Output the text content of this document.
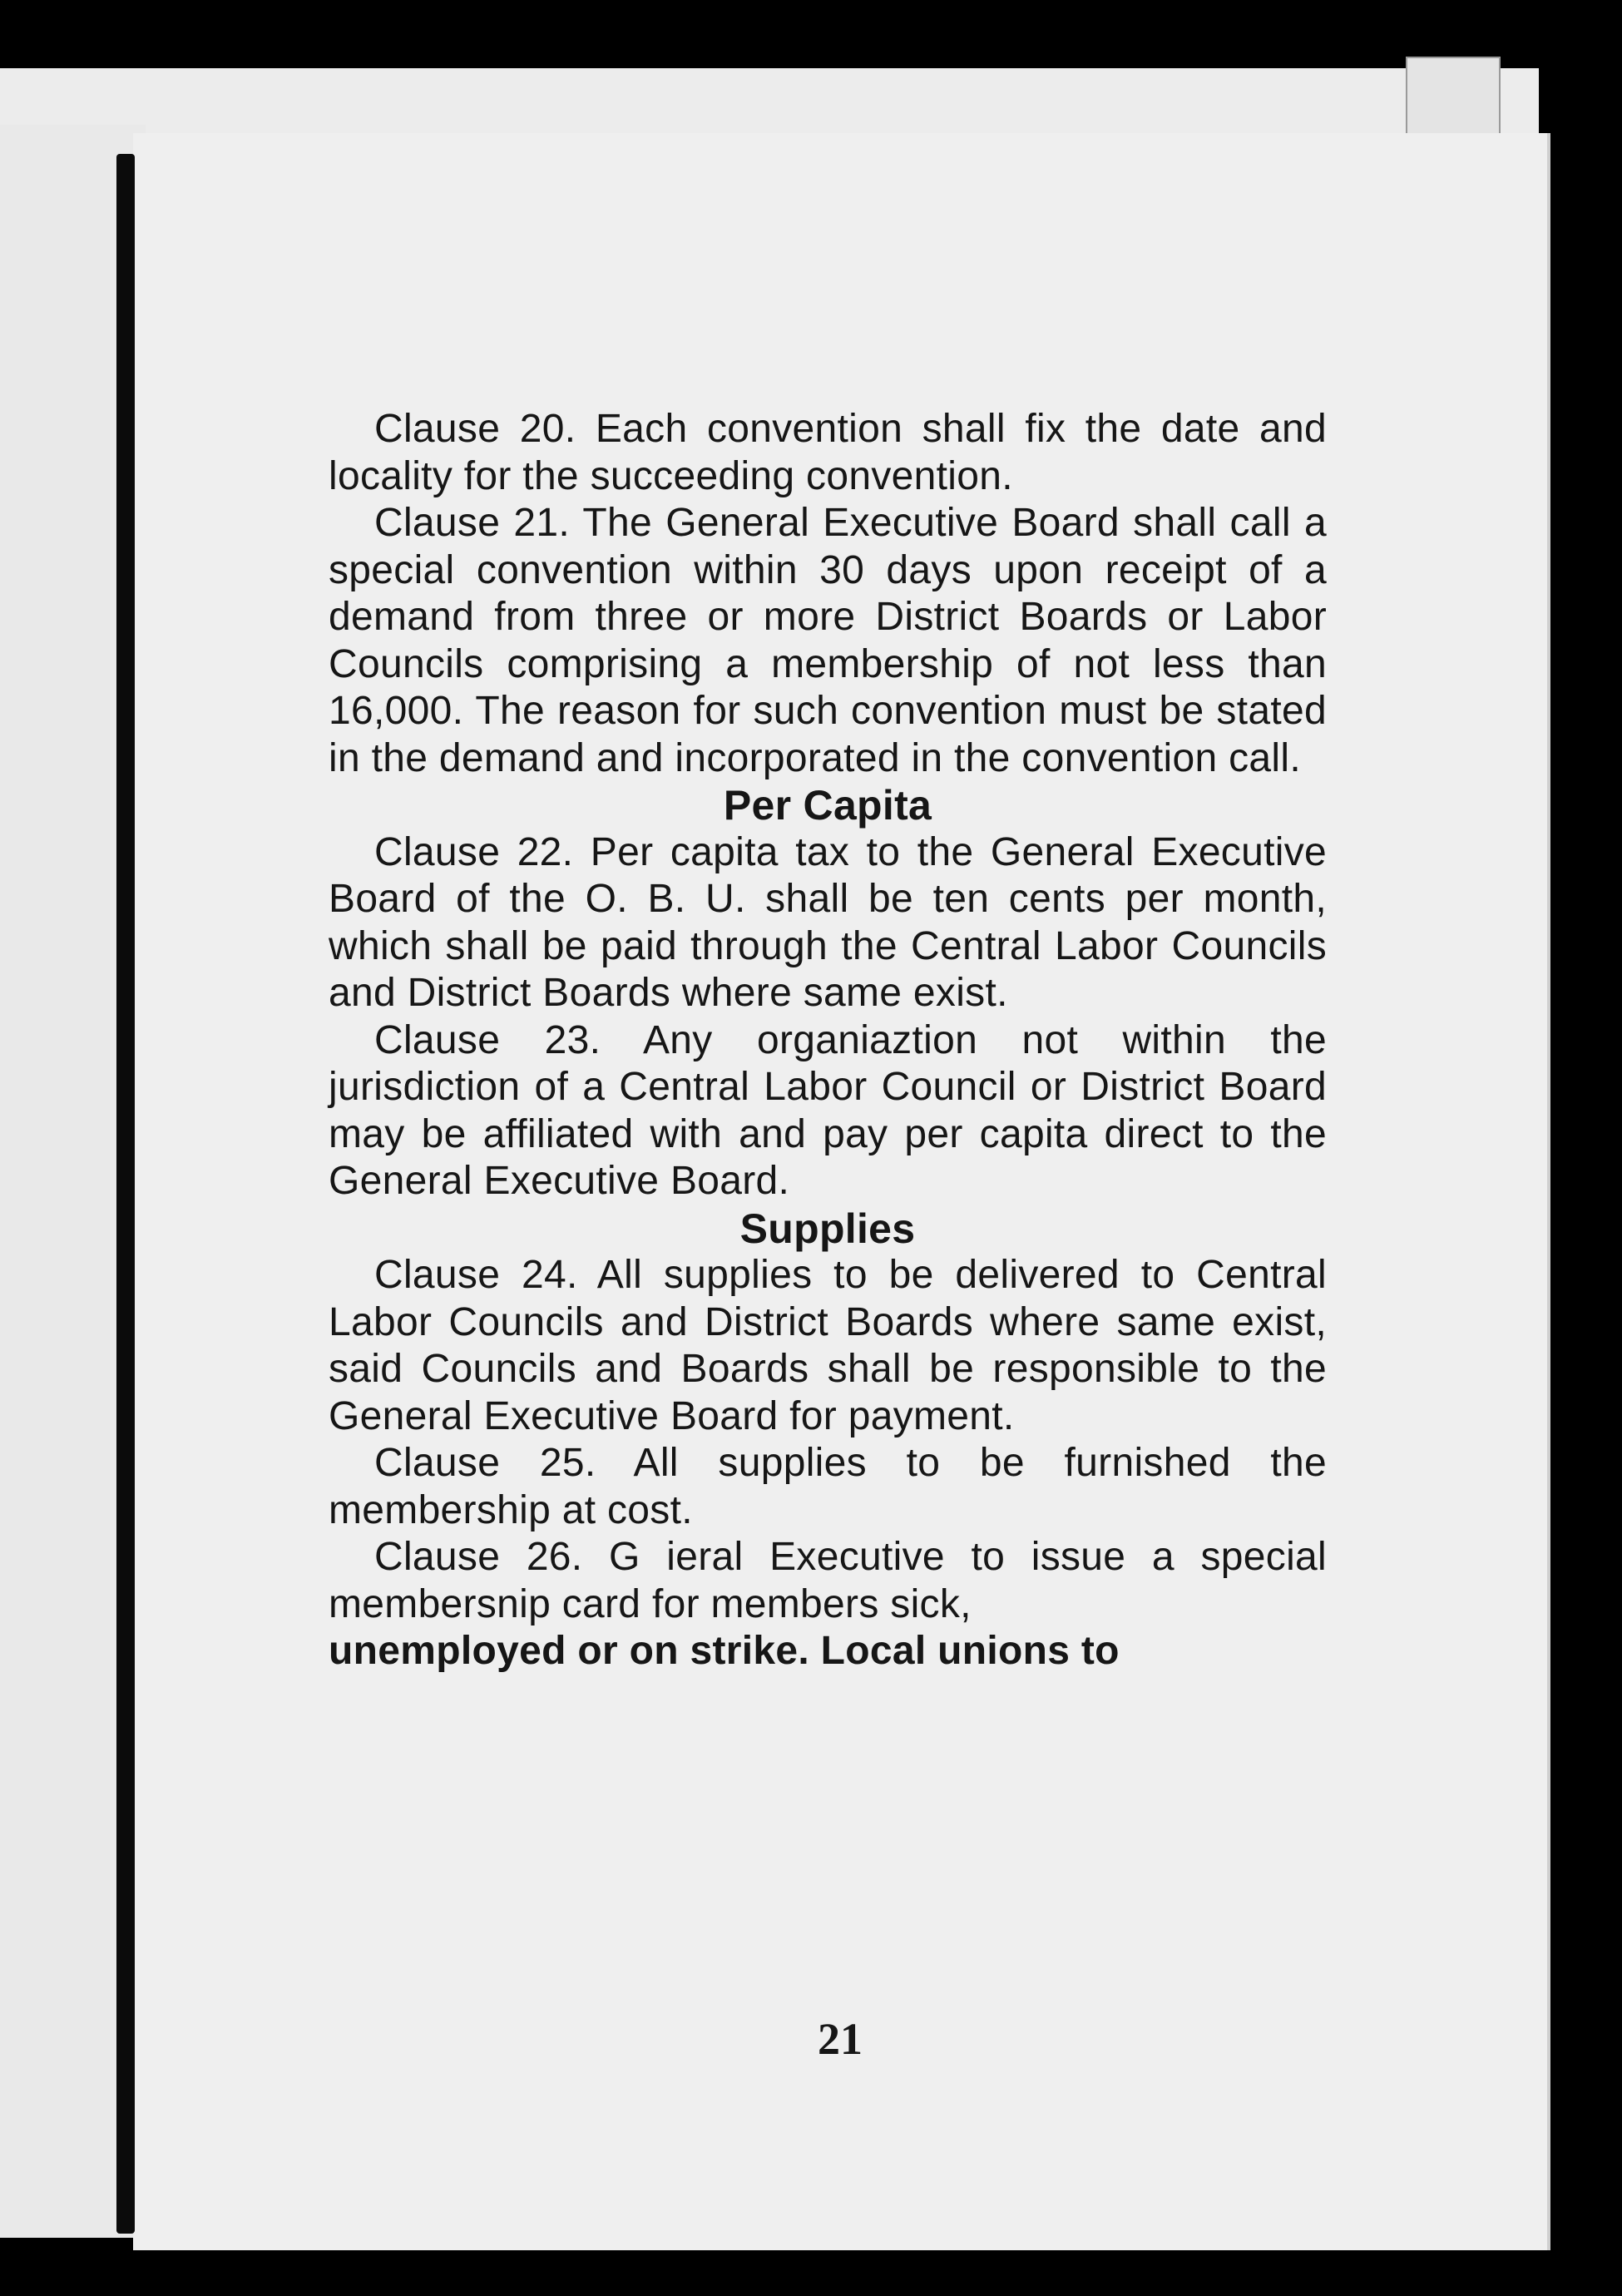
Clause 20. Each convention shall fix the date and locality for the succeeding convention.

Clause 21. The General Executive Board shall call a special convention within 30 days upon receipt of a demand from three or more District Boards or Labor Councils comprising a membership of not less than 16,000. The reason for such convention must be stated in the demand and incorporated in the convention call.

Per Capita

Clause 22. Per capita tax to the General Executive Board of the O. B. U. shall be ten cents per month, which shall be paid through the Central Labor Councils and District Boards where same exist.

Clause 23. Any organiaztion not within the jurisdiction of a Central Labor Council or District Board may be affiliated with and pay per capita direct to the General Executive Board.

Supplies

Clause 24. All supplies to be delivered to Central Labor Councils and District Boards where same exist, said Councils and Boards shall be responsible to the General Executive Board for payment.

Clause 25. All supplies to be furnished the membership at cost.

Clause 26. G ieral Executive to issue a special membersnip card for members sick,

unemployed or on strike. Local unions to

21
